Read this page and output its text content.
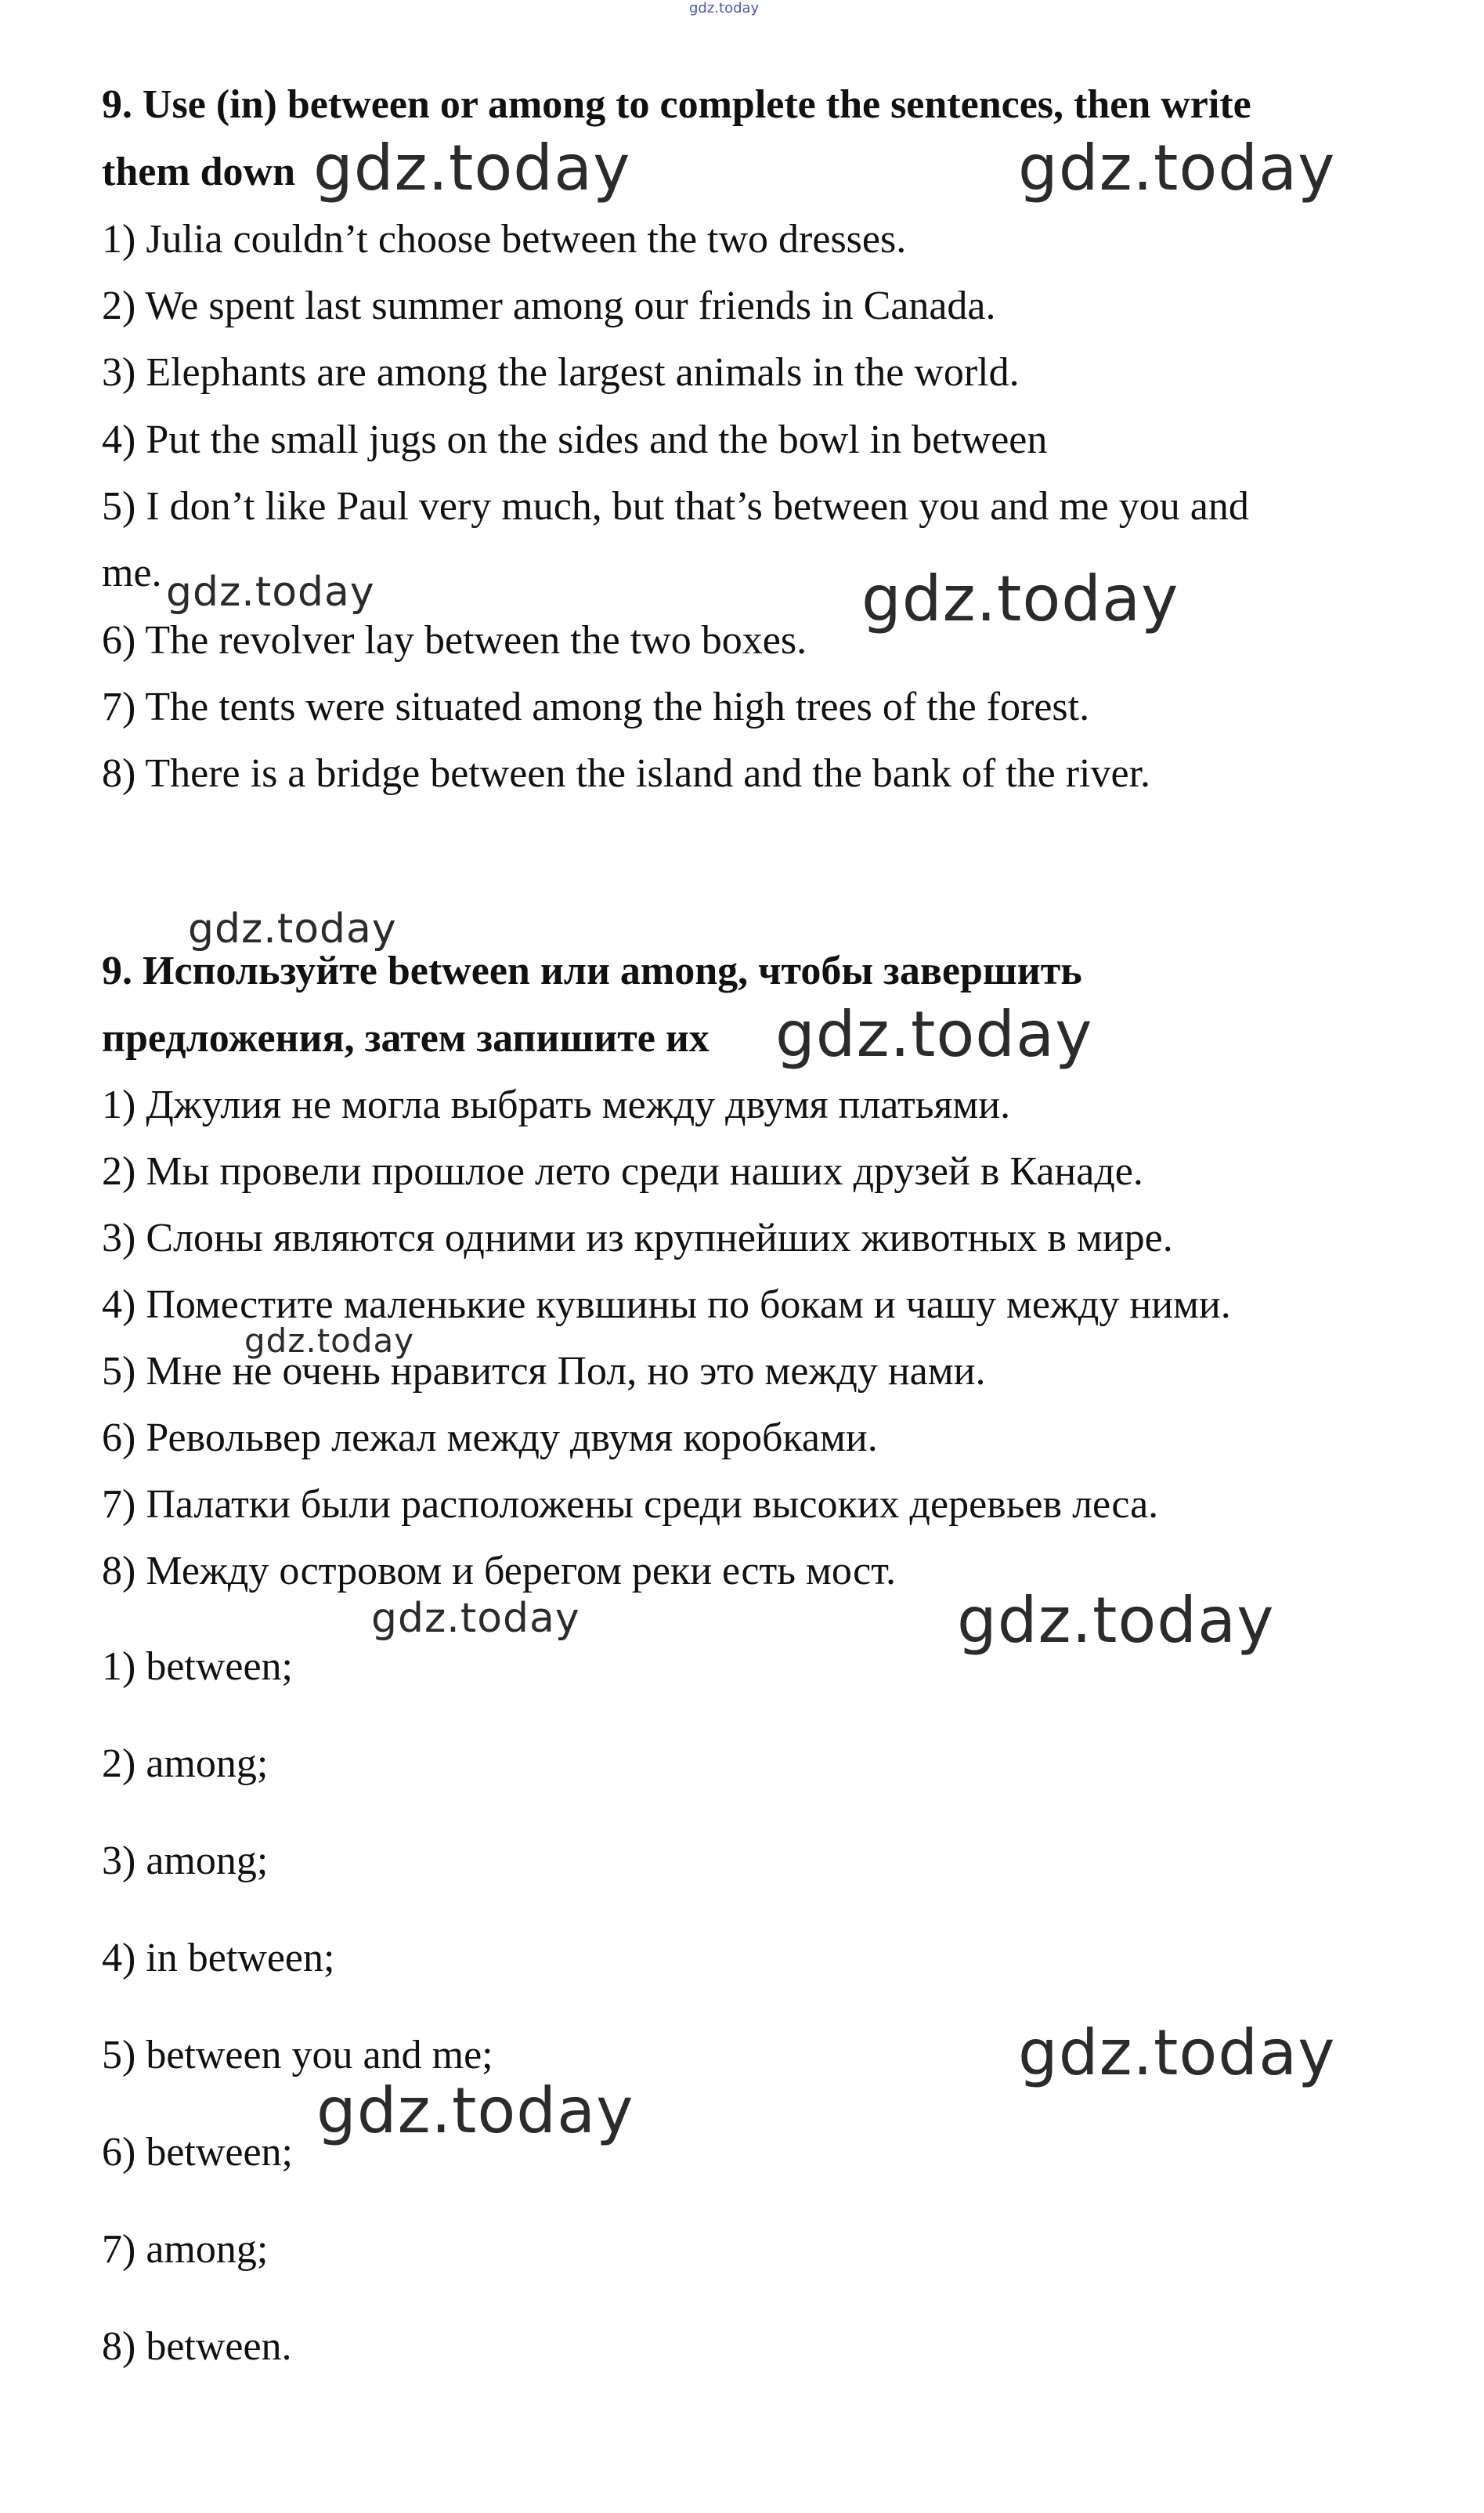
gdz.today
9. Use (in) between or among to complete the sentences, then write
them down
1) Julia couldn’t choose between the two dresses.
2) We spent last summer among our friends in Canada.
3) Elephants are among the largest animals in the world.
4) Put the small jugs on the sides and the bowl in between
5) I don’t like Paul very much, but that’s between you and me you and
me.
6) The revolver lay between the two boxes.
7) The tents were situated among the high trees of the forest.
8) There is a bridge between the island and the bank of the river.
9. Используйте between или among, чтобы завершить
предложения, затем запишите их
1) Джулия не могла выбрать между двумя платьями.
2) Мы провели прошлое лето среди наших друзей в Канаде.
3) Слоны являются одними из крупнейших животных в мире.
4) Поместите маленькие кувшины по бокам и чашу между ними.
5) Мне не очень нравится Пол, но это между нами.
6) Револьвер лежал между двумя коробками.
7) Палатки были расположены среди высоких деревьев леса.
8) Между островом и берегом реки есть мост.
1) between;
2) among;
3) among;
4) in between;
5) between you and me;
6) between;
7) among;
8) between.
gdz.today	gdz.today
gdz.today	gdz.today
gdz.today
gdz.today
gdz.today
gdz.today	gdz.today
gdz.today
gdz.today
